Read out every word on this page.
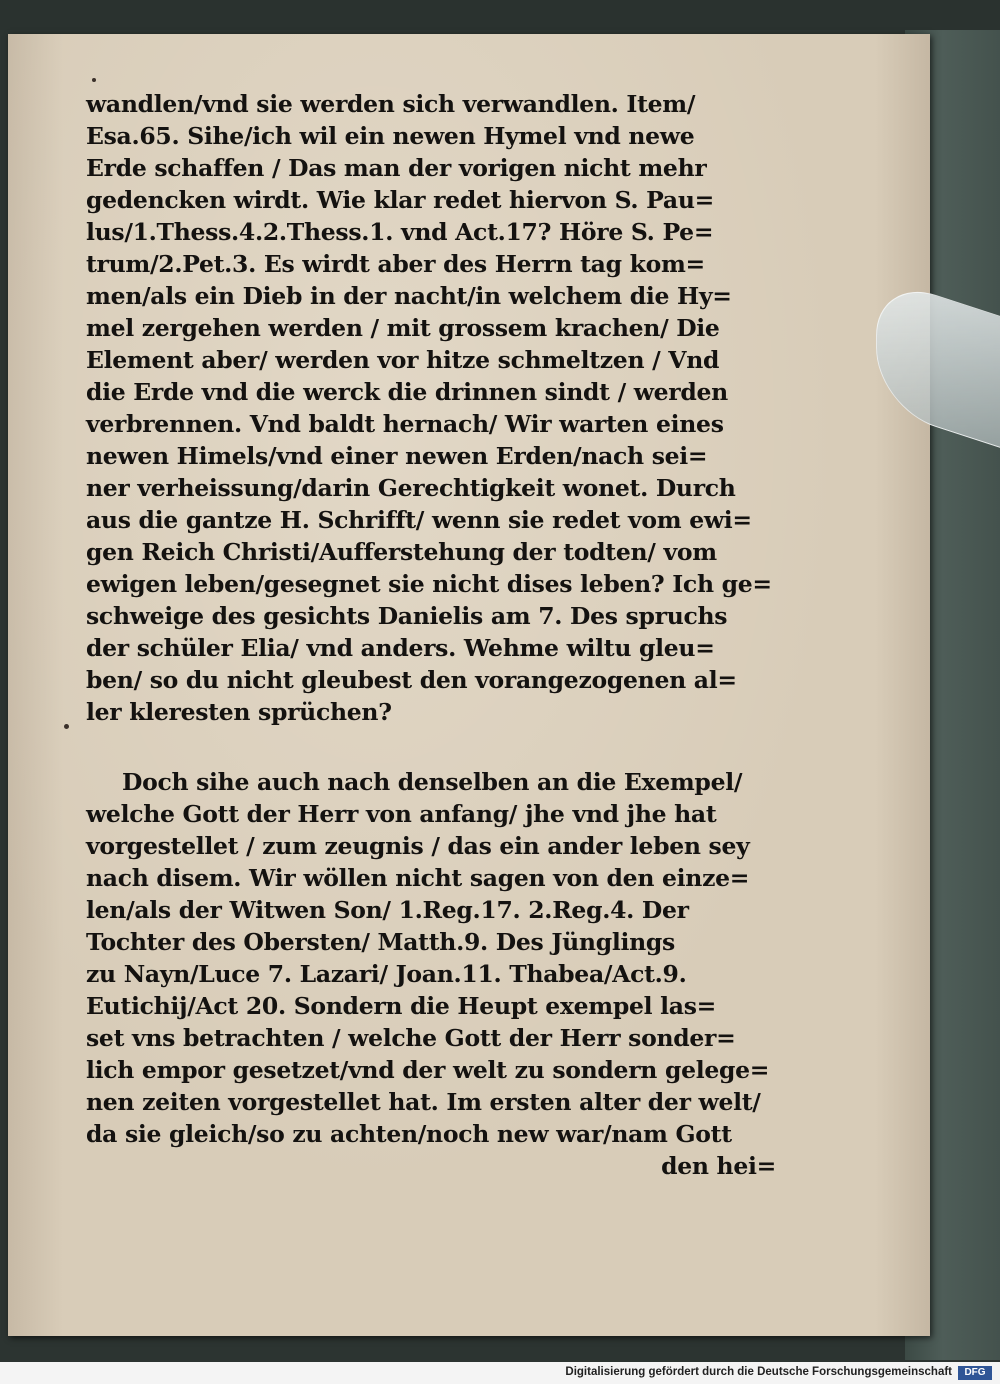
wandlen/vnd sie werden sich verwandlen. Item/
Esa.65. Sihe/ich wil ein newen Hymel vnd newe
Erde schaffen / Das man der vorigen nicht mehr
gedencken wirdt. Wie klar redet hiervon S. Pau=
lus/1.Thess.4.2.Thess.1. vnd Act.17? Höre S. Pe=
trum/2.Pet.3. Es wirdt aber des Herrn tag kom=
men/als ein Dieb in der nacht/in welchem die Hy=
mel zergehen werden / mit grossem krachen/ Die
Element aber/ werden vor hitze schmeltzen / Vnd
die Erde vnd die werck die drinnen sindt / werden
verbrennen. Vnd baldt hernach/ Wir warten eines
newen Himels/vnd einer newen Erden/nach sei=
ner verheissung/darin Gerechtigkeit wonet. Durch
aus die gantze H. Schrifft/ wenn sie redet vom ewi=
gen Reich Christi/Aufferstehung der todten/ vom
ewigen leben/gesegnet sie nicht dises leben? Ich ge=
schweige des gesichts Danielis am 7. Des spruchs
der schüler Elia/ vnd anders. Wehme wiltu gleu=
ben/ so du nicht gleubest den vorangezogenen al=
ler kleresten sprüchen?
Doch sihe auch nach denselben an die Exempel/
welche Gott der Herr von anfang/ jhe vnd jhe hat
vorgestellet / zum zeugnis / das ein ander leben sey
nach disem. Wir wöllen nicht sagen von den einze=
len/als der Witwen Son/ 1.Reg.17. 2.Reg.4. Der
Tochter des Obersten/ Matth.9. Des Jünglings
zu Nayn/Luce 7. Lazari/ Joan.11. Thabea/Act.9.
Eutichij/Act 20. Sondern die Heupt exempel las=
set vns betrachten / welche Gott der Herr sonder=
lich empor gesetzet/vnd der welt zu sondern gelege=
nen zeiten vorgestellet hat. Im ersten alter der welt/
da sie gleich/so zu achten/noch new war/nam Gott
den hei=
Digitalisierung gefördert durch die Deutsche Forschungsgemeinschaft	DFG
